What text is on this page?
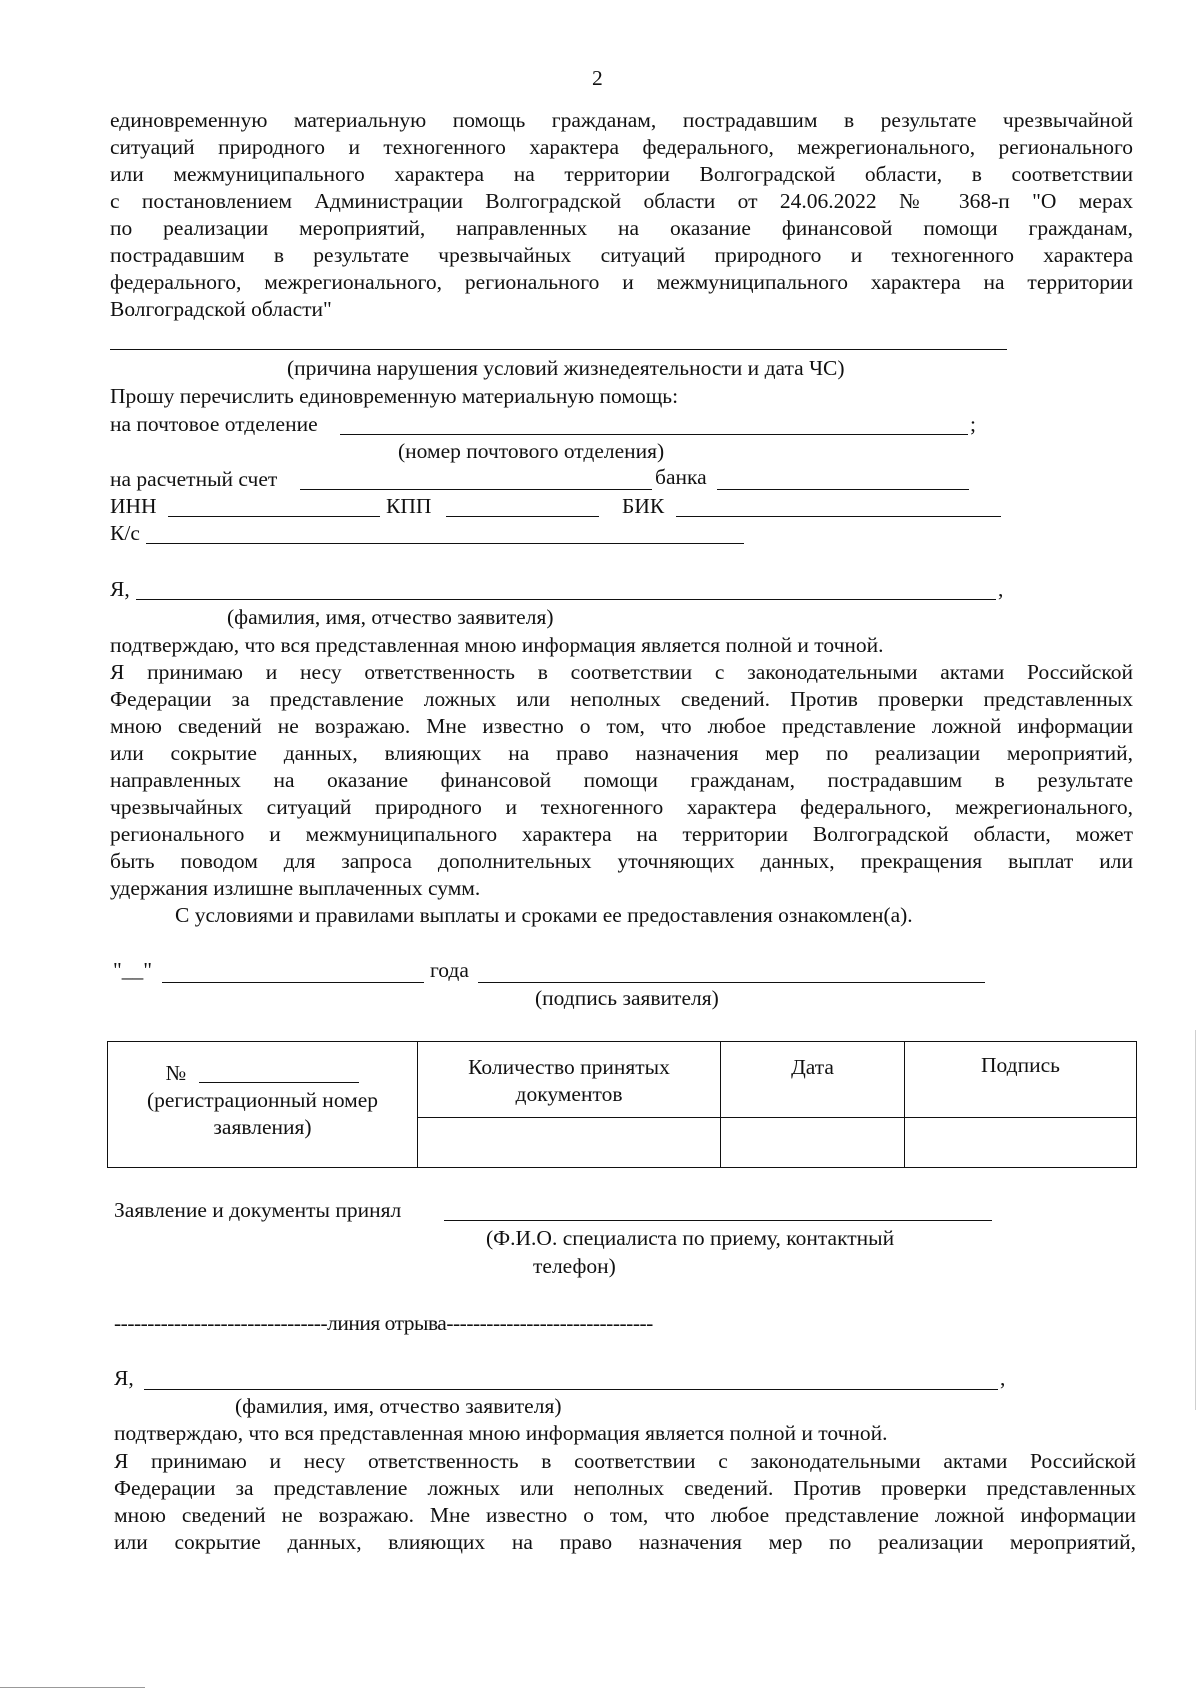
2
единовременную материальную помощь гражданам, пострадавшим в результате чрезвычайной
ситуаций природного и техногенного характера федерального, межрегионального, регионального
или межмуниципального характера на территории Волгоградской области, в соответствии
с постановлением Администрации Волгоградской области от 24.06.2022 № 368-п "О мерах
по реализации мероприятий, направленных на оказание финансовой помощи гражданам,
пострадавшим в результате чрезвычайных ситуаций природного и техногенного характера
федерального, межрегионального, регионального и межмуниципального характера на территории
Волгоградской области"
(причина нарушения условий жизнедеятельности и дата ЧС)
Прошу перечислить единовременную материальную помощь:
на почтовое отделение	;
(номер почтового отделения)
на расчетный счет	банка
ИНН	КПП	БИК
К/с
Я,	,
(фамилия, имя, отчество заявителя)
подтверждаю, что вся представленная мною информация является полной и точной.
Я принимаю и несу ответственность в соответствии с законодательными актами Российской
Федерации за представление ложных или неполных сведений. Против проверки представленных
мною сведений не возражаю. Мне известно о том, что любое представление ложной информации
или сокрытие данных, влияющих на право назначения мер по реализации мероприятий,
направленных на оказание финансовой помощи гражданам, пострадавшим в результате
чрезвычайных ситуаций природного и техногенного характера федерального, межрегионального,
регионального и межмуниципального характера на территории Волгоградской области, может
быть поводом для запроса дополнительных уточняющих данных, прекращения выплат или
удержания излишне выплаченных сумм.
С условиями и правилами выплаты и сроками ее предоставления ознакомлен(а).
"__"	года
(подпись заявителя)
№
(регистрационный номер
заявления)	Количество принятых документов	Дата	Подпись

Заявление и документы принял
(Ф.И.О. специалиста по приему, контактный
телефон)
--------------------------------линия отрыва-------------------------------
Я,	,
(фамилия, имя, отчество заявителя)
подтверждаю, что вся представленная мною информация является полной и точной.
Я принимаю и несу ответственность в соответствии с законодательными актами Российской
Федерации за представление ложных или неполных сведений. Против проверки представленных
мною сведений не возражаю. Мне известно о том, что любое представление ложной информации
или сокрытие данных, влияющих на право назначения мер по реализации мероприятий,
